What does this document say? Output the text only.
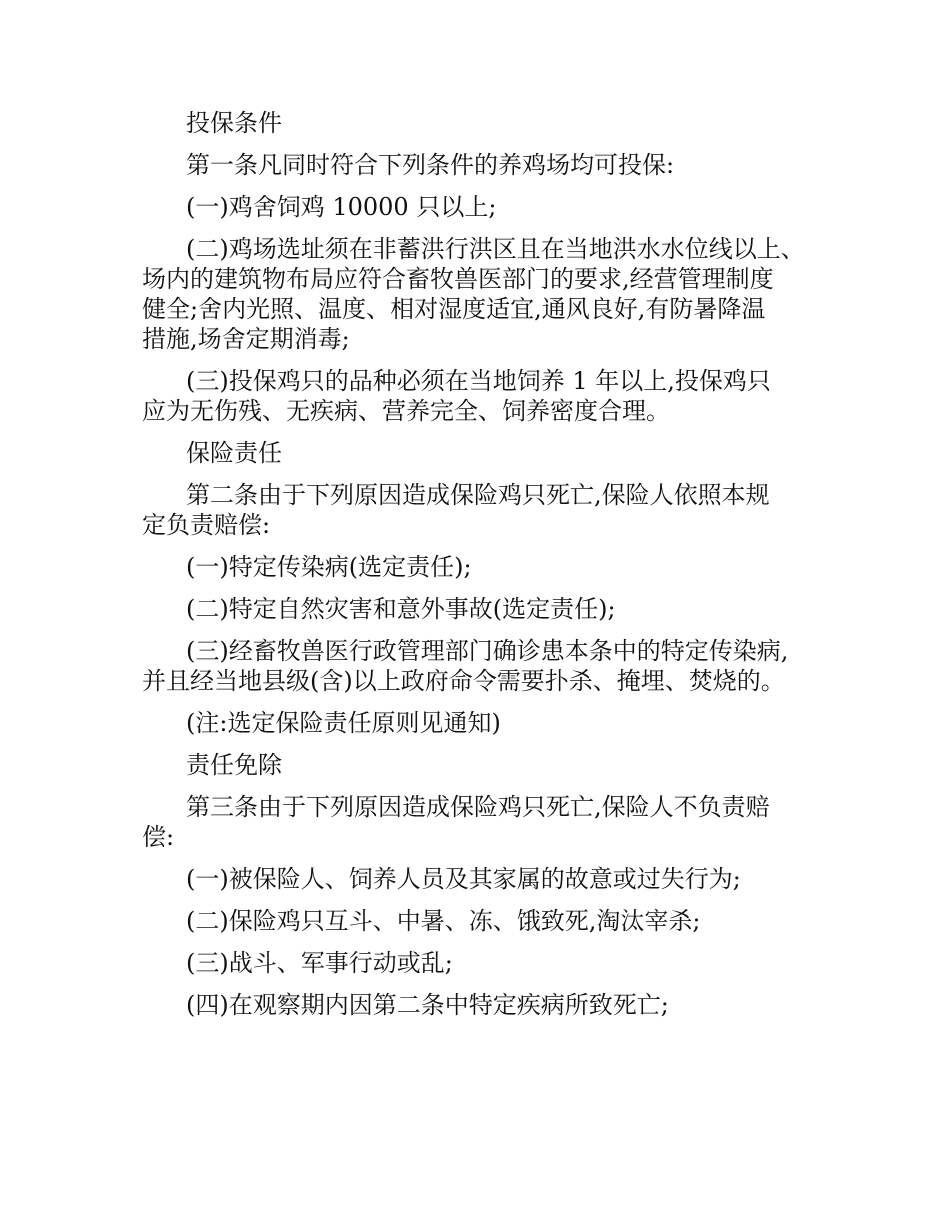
投保条件
第一条凡同时符合下列条件的养鸡场均可投保:
(一)鸡舍饲鸡 10000 只以上;
(二)鸡场选址须在非蓄洪行洪区且在当地洪水水位线以上、
场内的建筑物布局应符合畜牧兽医部门的要求,经营管理制度
健全;舍内光照、温度、相对湿度适宜,通风良好,有防暑降温
措施,场舍定期消毒;
(三)投保鸡只的品种必须在当地饲养 1 年以上,投保鸡只
应为无伤残、无疾病、营养完全、饲养密度合理。
保险责任
第二条由于下列原因造成保险鸡只死亡,保险人依照本规
定负责赔偿:
(一)特定传染病(选定责任);
(二)特定自然灾害和意外事故(选定责任);
(三)经畜牧兽医行政管理部门确诊患本条中的特定传染病,
并且经当地县级(含)以上政府命令需要扑杀、掩埋、焚烧的。
(注:选定保险责任原则见通知)
责任免除
第三条由于下列原因造成保险鸡只死亡,保险人不负责赔
偿:
(一)被保险人、饲养人员及其家属的故意或过失行为;
(二)保险鸡只互斗、中暑、冻、饿致死,淘汰宰杀;
(三)战斗、军事行动或乱;
(四)在观察期内因第二条中特定疾病所致死亡;
